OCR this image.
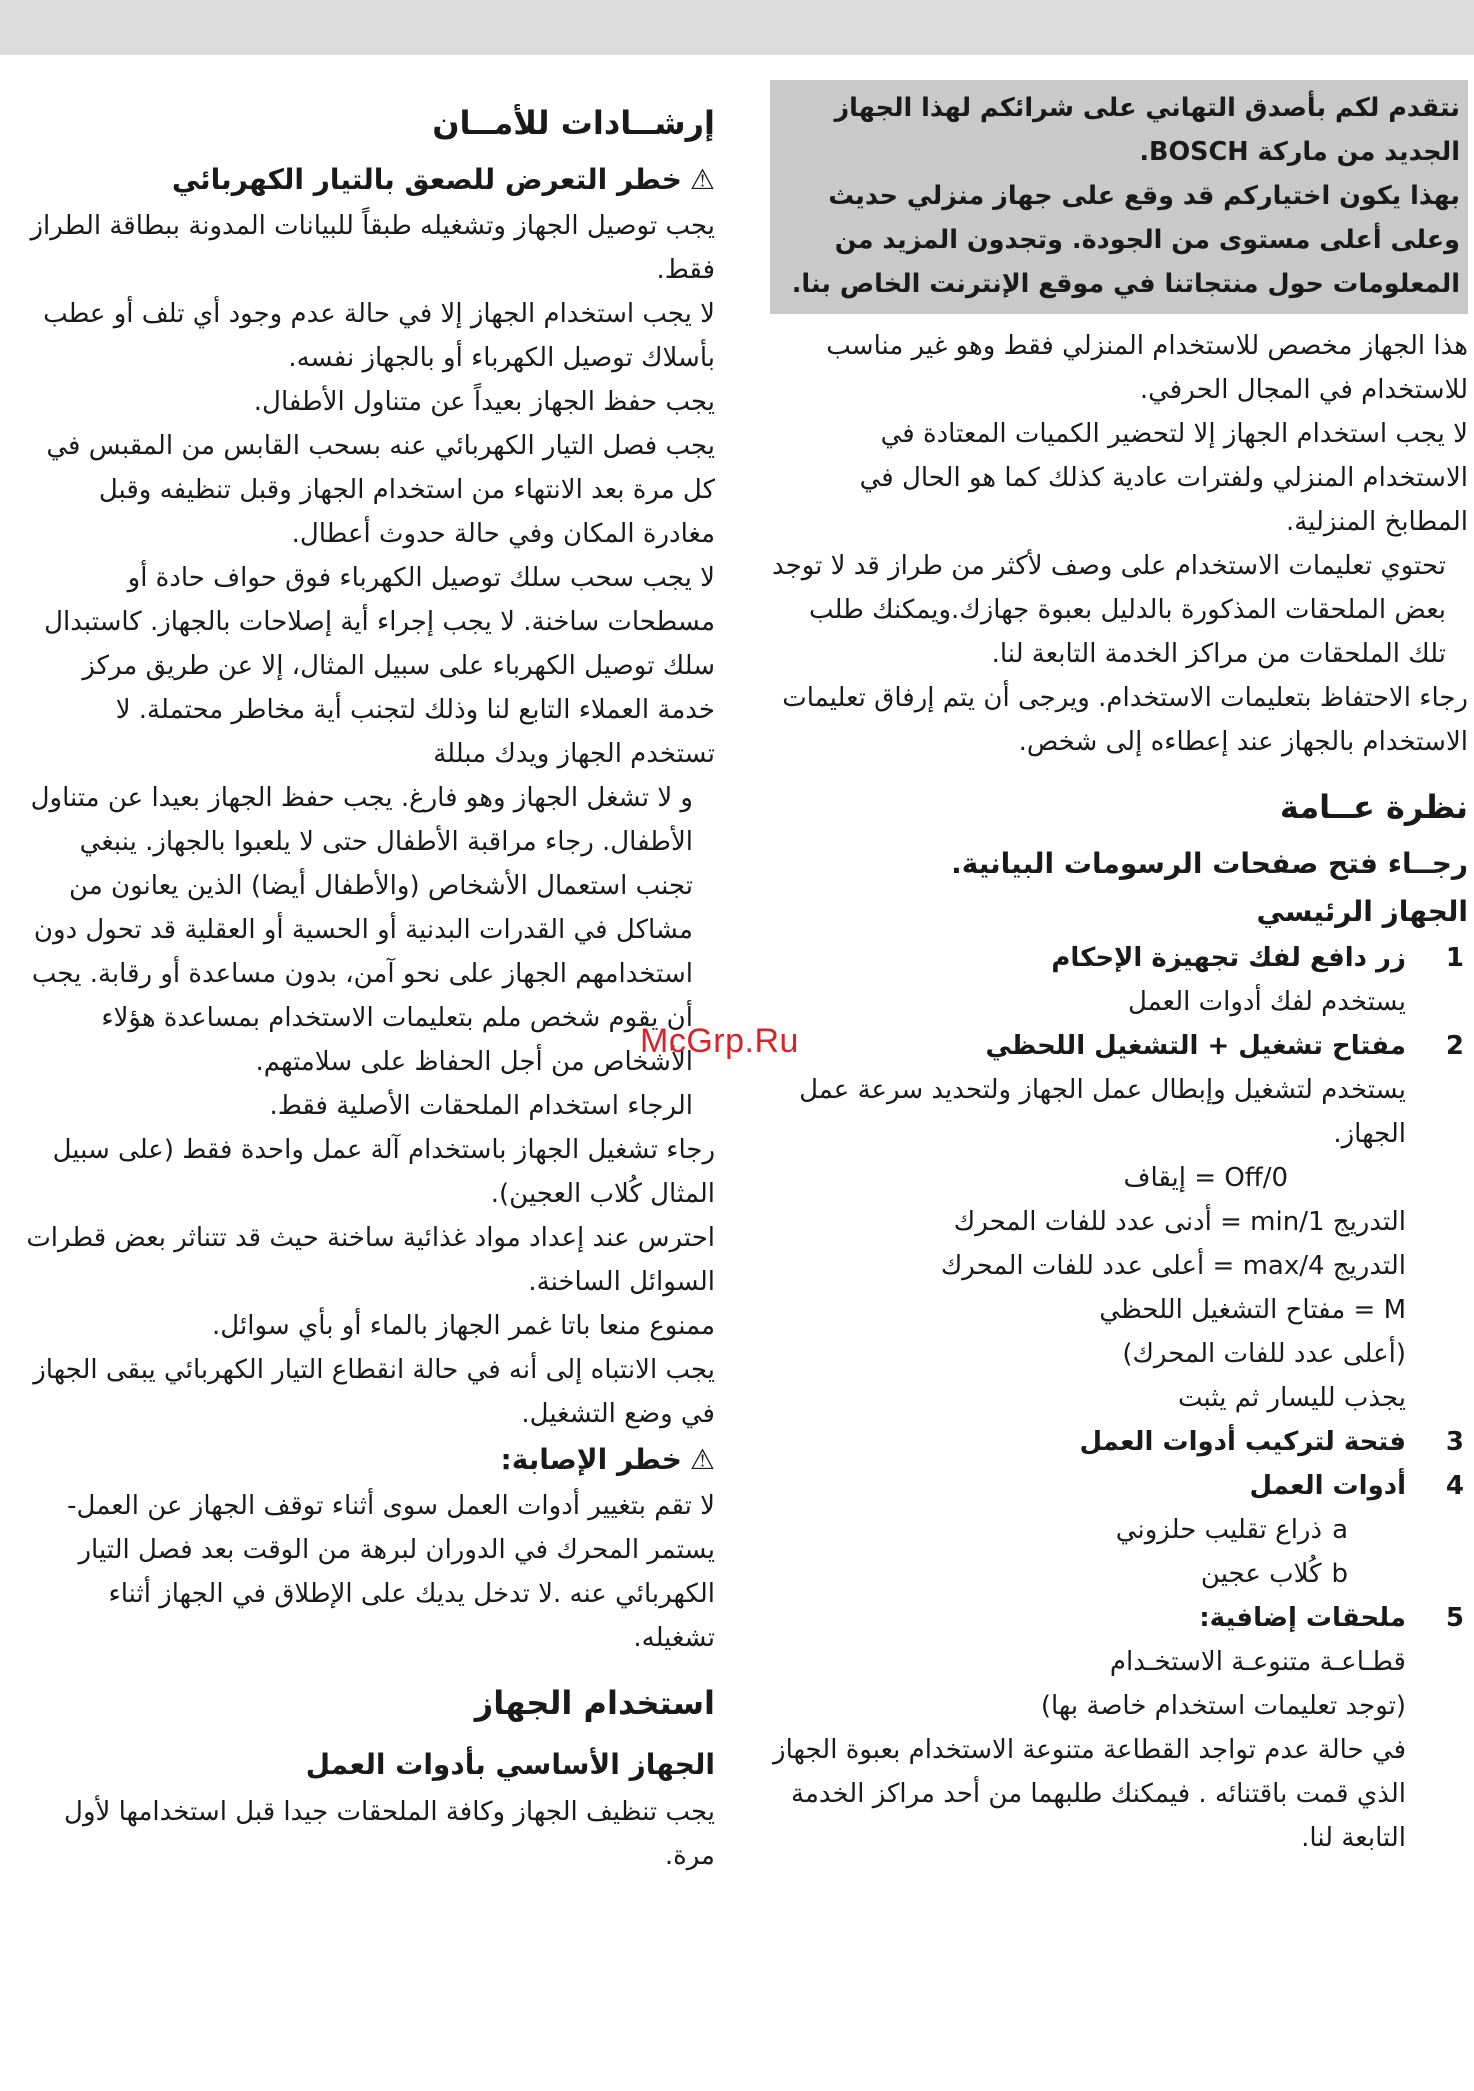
نتقدم لكم بأصدق التهاني على شرائكم لهذا الجهاز الجديد من ماركة BOSCH.

بهذا يكون اختياركم قد وقع على جهاز منزلي حديث وعلى أعلى مستوى من الجودة. وتجدون المزيد من المعلومات حول منتجاتنا في موقع الإنترنت الخاص بنا.

هذا الجهاز مخصص للاستخدام المنزلي فقط وهو غير مناسب للاستخدام في المجال الحرفي.

لا يجب استخدام الجهاز إلا لتحضير الكميات المعتادة في الاستخدام المنزلي ولفترات عادية كذلك كما هو الحال في المطابخ المنزلية.

تحتوي تعليمات الاستخدام على وصف لأكثر من طراز قد لا توجد بعض الملحقات المذكورة بالدليل بعبوة جهازك.ويمكنك طلب تلك الملحقات من مراكز الخدمة التابعة لنا.

رجاء الاحتفاظ بتعليمات الاستخدام. ويرجى أن يتم إرفاق تعليمات الاستخدام بالجهاز عند إعطاءه إلى شخص.

نظرة عــامة
رجــاء فتح صفحات الرسومات البيانية.
الجهاز الرئيسي
1
زر دافع لفك تجهيزة الإحكام
يستخدم لفك أدوات العمل
2
مفتاح تشغيل + التشغيل اللحظي
يستخدم لتشغيل وإبطال عمل الجهاز ولتحديد سرعة عمل الجهاز.
Off/0 = إيقاف
التدريج min/1 = أدنى عدد للفات المحرك
التدريج max/4 = أعلى عدد للفات المحرك
M = مفتاح التشغيل اللحظي
(أعلى عدد للفات المحرك)
يجذب لليسار ثم يثبت
3
فتحة لتركيب أدوات العمل
4
أدوات العمل
aذراع تقليب حلزوني
bكُلاب عجين
5
ملحقات إضافية:
قطـاعـة متنوعـة الاستخـدام
(توجد تعليمات استخدام خاصة بها)

في حالة عدم تواجد القطاعة متنوعة الاستخدام بعبوة الجهاز الذي قمت باقتنائه . فيمكنك طلبهما من أحد مراكز الخدمة التابعة لنا.

إرشــادات للأمــان
⚠خطر التعرض للصعق بالتيار الكهربائي

يجب توصيل الجهاز وتشغيله طبقاً للبيانات المدونة ببطاقة الطراز فقط.

لا يجب استخدام الجهاز إلا في حالة عدم وجود أي تلف أو عطب بأسلاك توصيل الكهرباء أو بالجهاز نفسه.

يجب حفظ الجهاز بعيداً عن متناول الأطفال.

يجب فصل التيار الكهربائي عنه بسحب القابس من المقبس في كل مرة بعد الانتهاء من استخدام الجهاز وقبل تنظيفه وقبل مغادرة المكان وفي حالة حدوث أعطال.

لا يجب سحب سلك توصيل الكهرباء فوق حواف حادة أو مسطحات ساخنة. لا يجب إجراء أية إصلاحات بالجهاز. كاستبدال سلك توصيل الكهرباء على سبيل المثال، إلا عن طريق مركز خدمة العملاء التابع لنا وذلك لتجنب أية مخاطر محتملة. لا تستخدم الجهاز ويدك مبللة

و لا تشغل الجهاز وهو فارغ. يجب حفظ الجهاز بعيدا عن متناول الأطفال. رجاء مراقبة الأطفال حتى لا يلعبوا بالجهاز. ينبغي تجنب استعمال الأشخاص (والأطفال أيضا) الذين يعانون من مشاكل في القدرات البدنية أو الحسية أو العقلية قد تحول دون استخدامهم الجهاز على نحو آمن، بدون مساعدة أو رقابة. يجب أن يقوم شخص ملم بتعليمات الاستخدام بمساعدة هؤلاء الأشخاص من أجل الحفاظ على سلامتهم.

الرجاء استخدام الملحقات الأصلية فقط.

رجاء تشغيل الجهاز باستخدام آلة عمل واحدة فقط (على سبيل المثال كُلاب العجين).

احترس عند إعداد مواد غذائية ساخنة حيث قد تتناثر بعض قطرات السوائل الساخنة.

ممنوع منعا باتا غمر الجهاز بالماء أو بأي سوائل.

يجب الانتباه إلى أنه في حالة انقطاع التيار الكهربائي يبقى الجهاز في وضع التشغيل.

⚠خطر الإصابة:

لا تقم بتغيير أدوات العمل سوى أثناء توقف الجهاز عن العمل- يستمر المحرك في الدوران لبرهة من الوقت بعد فصل التيار الكهربائي عنه .لا تدخل يديك على الإطلاق في الجهاز أثناء تشغيله.

استخدام الجهاز
الجهاز الأساسي بأدوات العمل

يجب تنظيف الجهاز وكافة الملحقات جيدا قبل استخدامها لأول مرة.

McGrp.Ru
